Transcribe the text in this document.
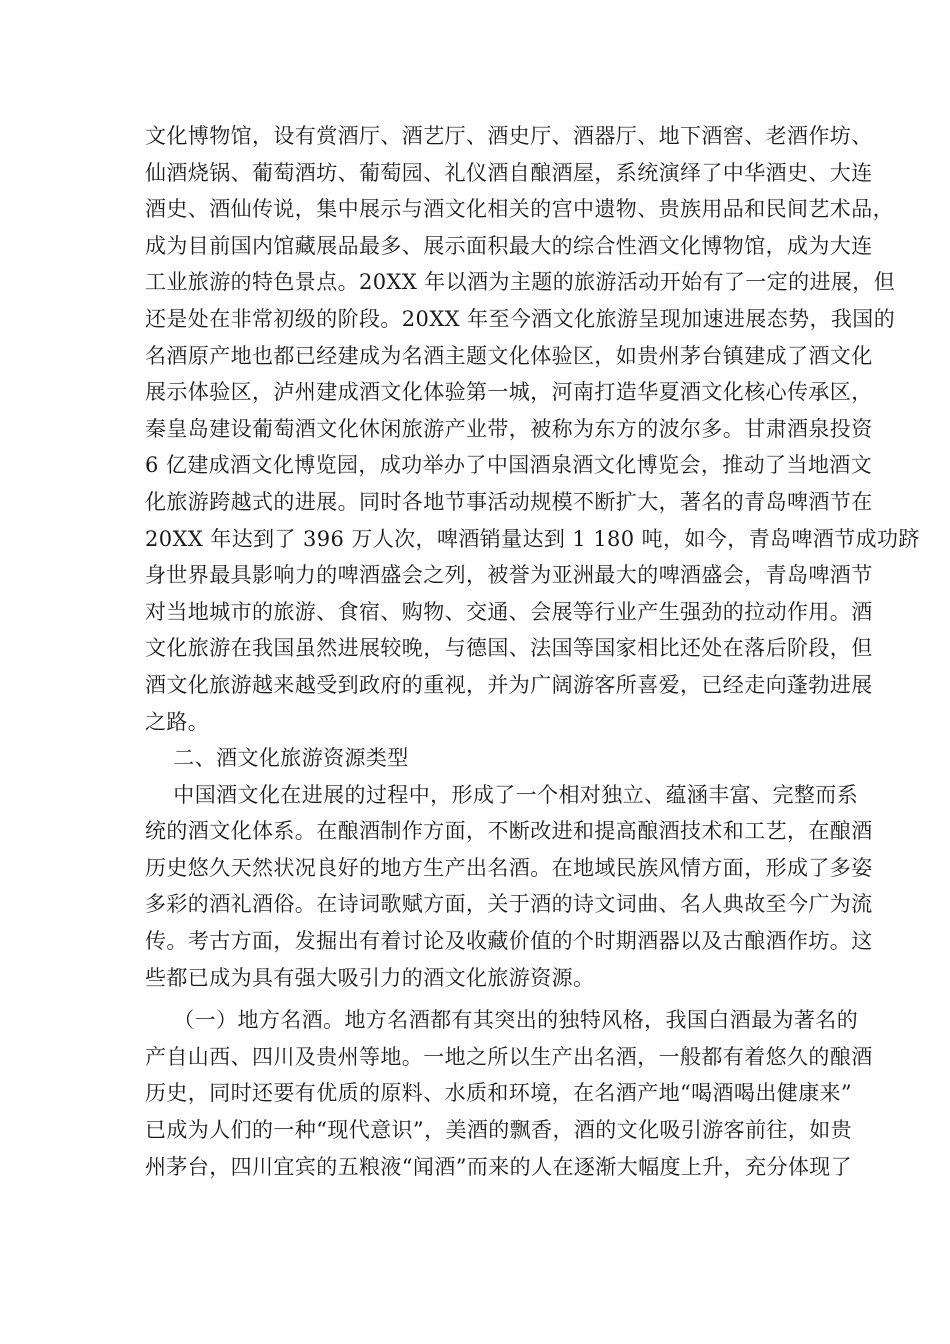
文化博物馆，设有赏酒厅、酒艺厅、酒史厅、酒器厅、地下酒窖、老酒作坊、
仙酒烧锅、葡萄酒坊、葡萄园、礼仪酒自酿酒屋，系统演绎了中华酒史、大连
酒史、酒仙传说，集中展示与酒文化相关的宫中遗物、贵族用品和民间艺术品，
成为目前国内馆藏展品最多、展示面积最大的综合性酒文化博物馆，成为大连
工业旅游的特色景点。20XX 年以酒为主题的旅游活动开始有了一定的进展，但
还是处在非常初级的阶段。20XX 年至今酒文化旅游呈现加速进展态势，我国的
名酒原产地也都已经建成为名酒主题文化体验区，如贵州茅台镇建成了酒文化
展示体验区，泸州建成酒文化体验第一城，河南打造华夏酒文化核心传承区，
秦皇岛建设葡萄酒文化休闲旅游产业带，被称为东方的波尔多。甘肃酒泉投资
6 亿建成酒文化博览园，成功举办了中国酒泉酒文化博览会，推动了当地酒文
化旅游跨越式的进展。同时各地节事活动规模不断扩大，著名的青岛啤酒节在
20XX 年达到了 396 万人次，啤酒销量达到 1 180 吨，如今，青岛啤酒节成功跻
身世界最具影响力的啤酒盛会之列，被誉为亚洲最大的啤酒盛会，青岛啤酒节
对当地城市的旅游、食宿、购物、交通、会展等行业产生强劲的拉动作用。酒
文化旅游在我国虽然进展较晚，与德国、法国等国家相比还处在落后阶段，但
酒文化旅游越来越受到政府的重视，并为广阔游客所喜爱，已经走向蓬勃进展
之路。
二、酒文化旅游资源类型
中国酒文化在进展的过程中，形成了一个相对独立、蕴涵丰富、完整而系
统的酒文化体系。在酿酒制作方面，不断改进和提高酿酒技术和工艺，在酿酒
历史悠久天然状况良好的地方生产出名酒。在地域民族风情方面，形成了多姿
多彩的酒礼酒俗。在诗词歌赋方面，关于酒的诗文词曲、名人典故至今广为流
传。考古方面，发掘出有着讨论及收藏价值的个时期酒器以及古酿酒作坊。这
些都已成为具有强大吸引力的酒文化旅游资源。
（一）地方名酒。地方名酒都有其突出的独特风格，我国白酒最为著名的
产自山西、四川及贵州等地。一地之所以生产出名酒，一般都有着悠久的酿酒
历史，同时还要有优质的原料、水质和环境，在名酒产地“喝酒喝出健康来”
已成为人们的一种“现代意识”，美酒的飘香，酒的文化吸引游客前往，如贵
州茅台，四川宜宾的五粮液“闻酒”而来的人在逐渐大幅度上升，充分体现了
